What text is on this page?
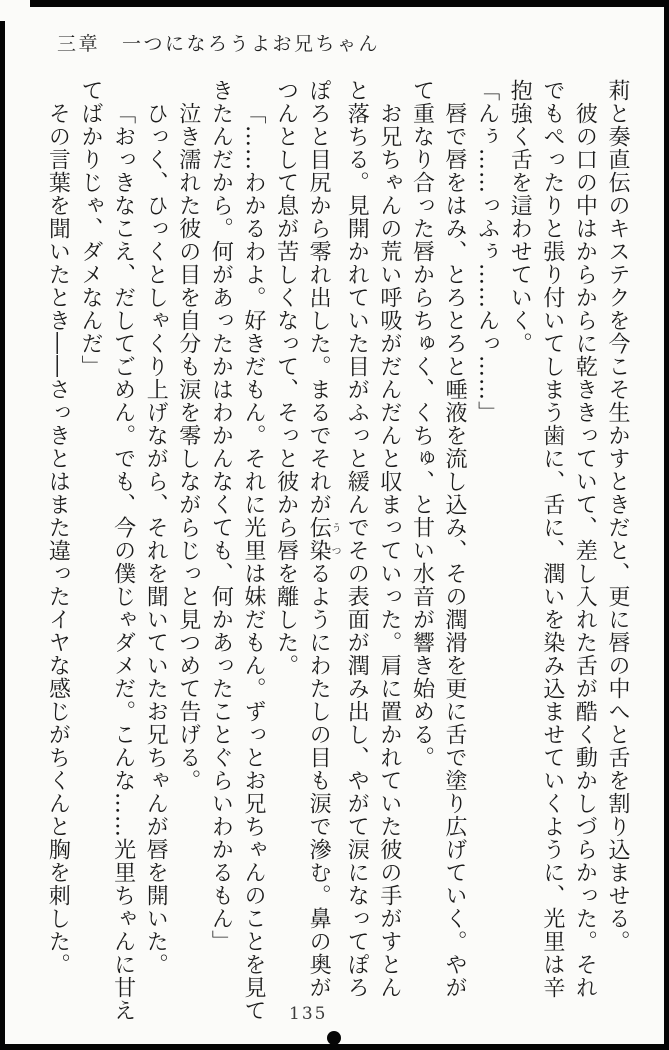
三章 一つになろうよお兄ちゃん

莉と奏直伝のキステクを今こそ生かすときだと、更に唇の中へと舌を割り込ませる。

彼の口の中はからからに乾ききっていて、差し入れた舌が酷く動かしづらかった。それ

でもぺったりと張り付いてしまう歯に、舌に、潤いを染み込ませていくように、光里は辛

抱強く舌を這わせていく。

「んぅ……っふぅ……んっ……」

唇で唇をはみ、とろとろと唾液を流し込み、その潤滑を更に舌で塗り広げていく。やが

て重なり合った唇からちゅく、くちゅ、と甘い水音が響き始める。

お兄ちゃんの荒い呼吸がだんだんと収まっていった。肩に置かれていた彼の手がすとん

と落ちる。見開かれていた目がふっと緩んでその表面が潤み出し、やがて涙になってぽろ

ぽろと目尻から零れ出した。まるでそれが伝染うつるようにわたしの目も涙で滲む。鼻の奥が

つんとして息が苦しくなって、そっと彼から唇を離した。

「……わかるわよ。好きだもん。それに光里は妹だもん。ずっとお兄ちゃんのことを見て

きたんだから。何があったかはわかんなくても、何かあったことぐらいわかるもん」

泣き濡れた彼の目を自分も涙を零しながらじっと見つめて告げる。

ひっく、ひっくとしゃくり上げながら、それを聞いていたお兄ちゃんが唇を開いた。

「おっきなこえ、だしてごめん。でも、今の僕じゃダメだ。こんな……光里ちゃんに甘え

てばかりじゃ、ダメなんだ」

その言葉を聞いたとき――さっきとはまた違ったイヤな感じがちくんと胸を刺した。

135
